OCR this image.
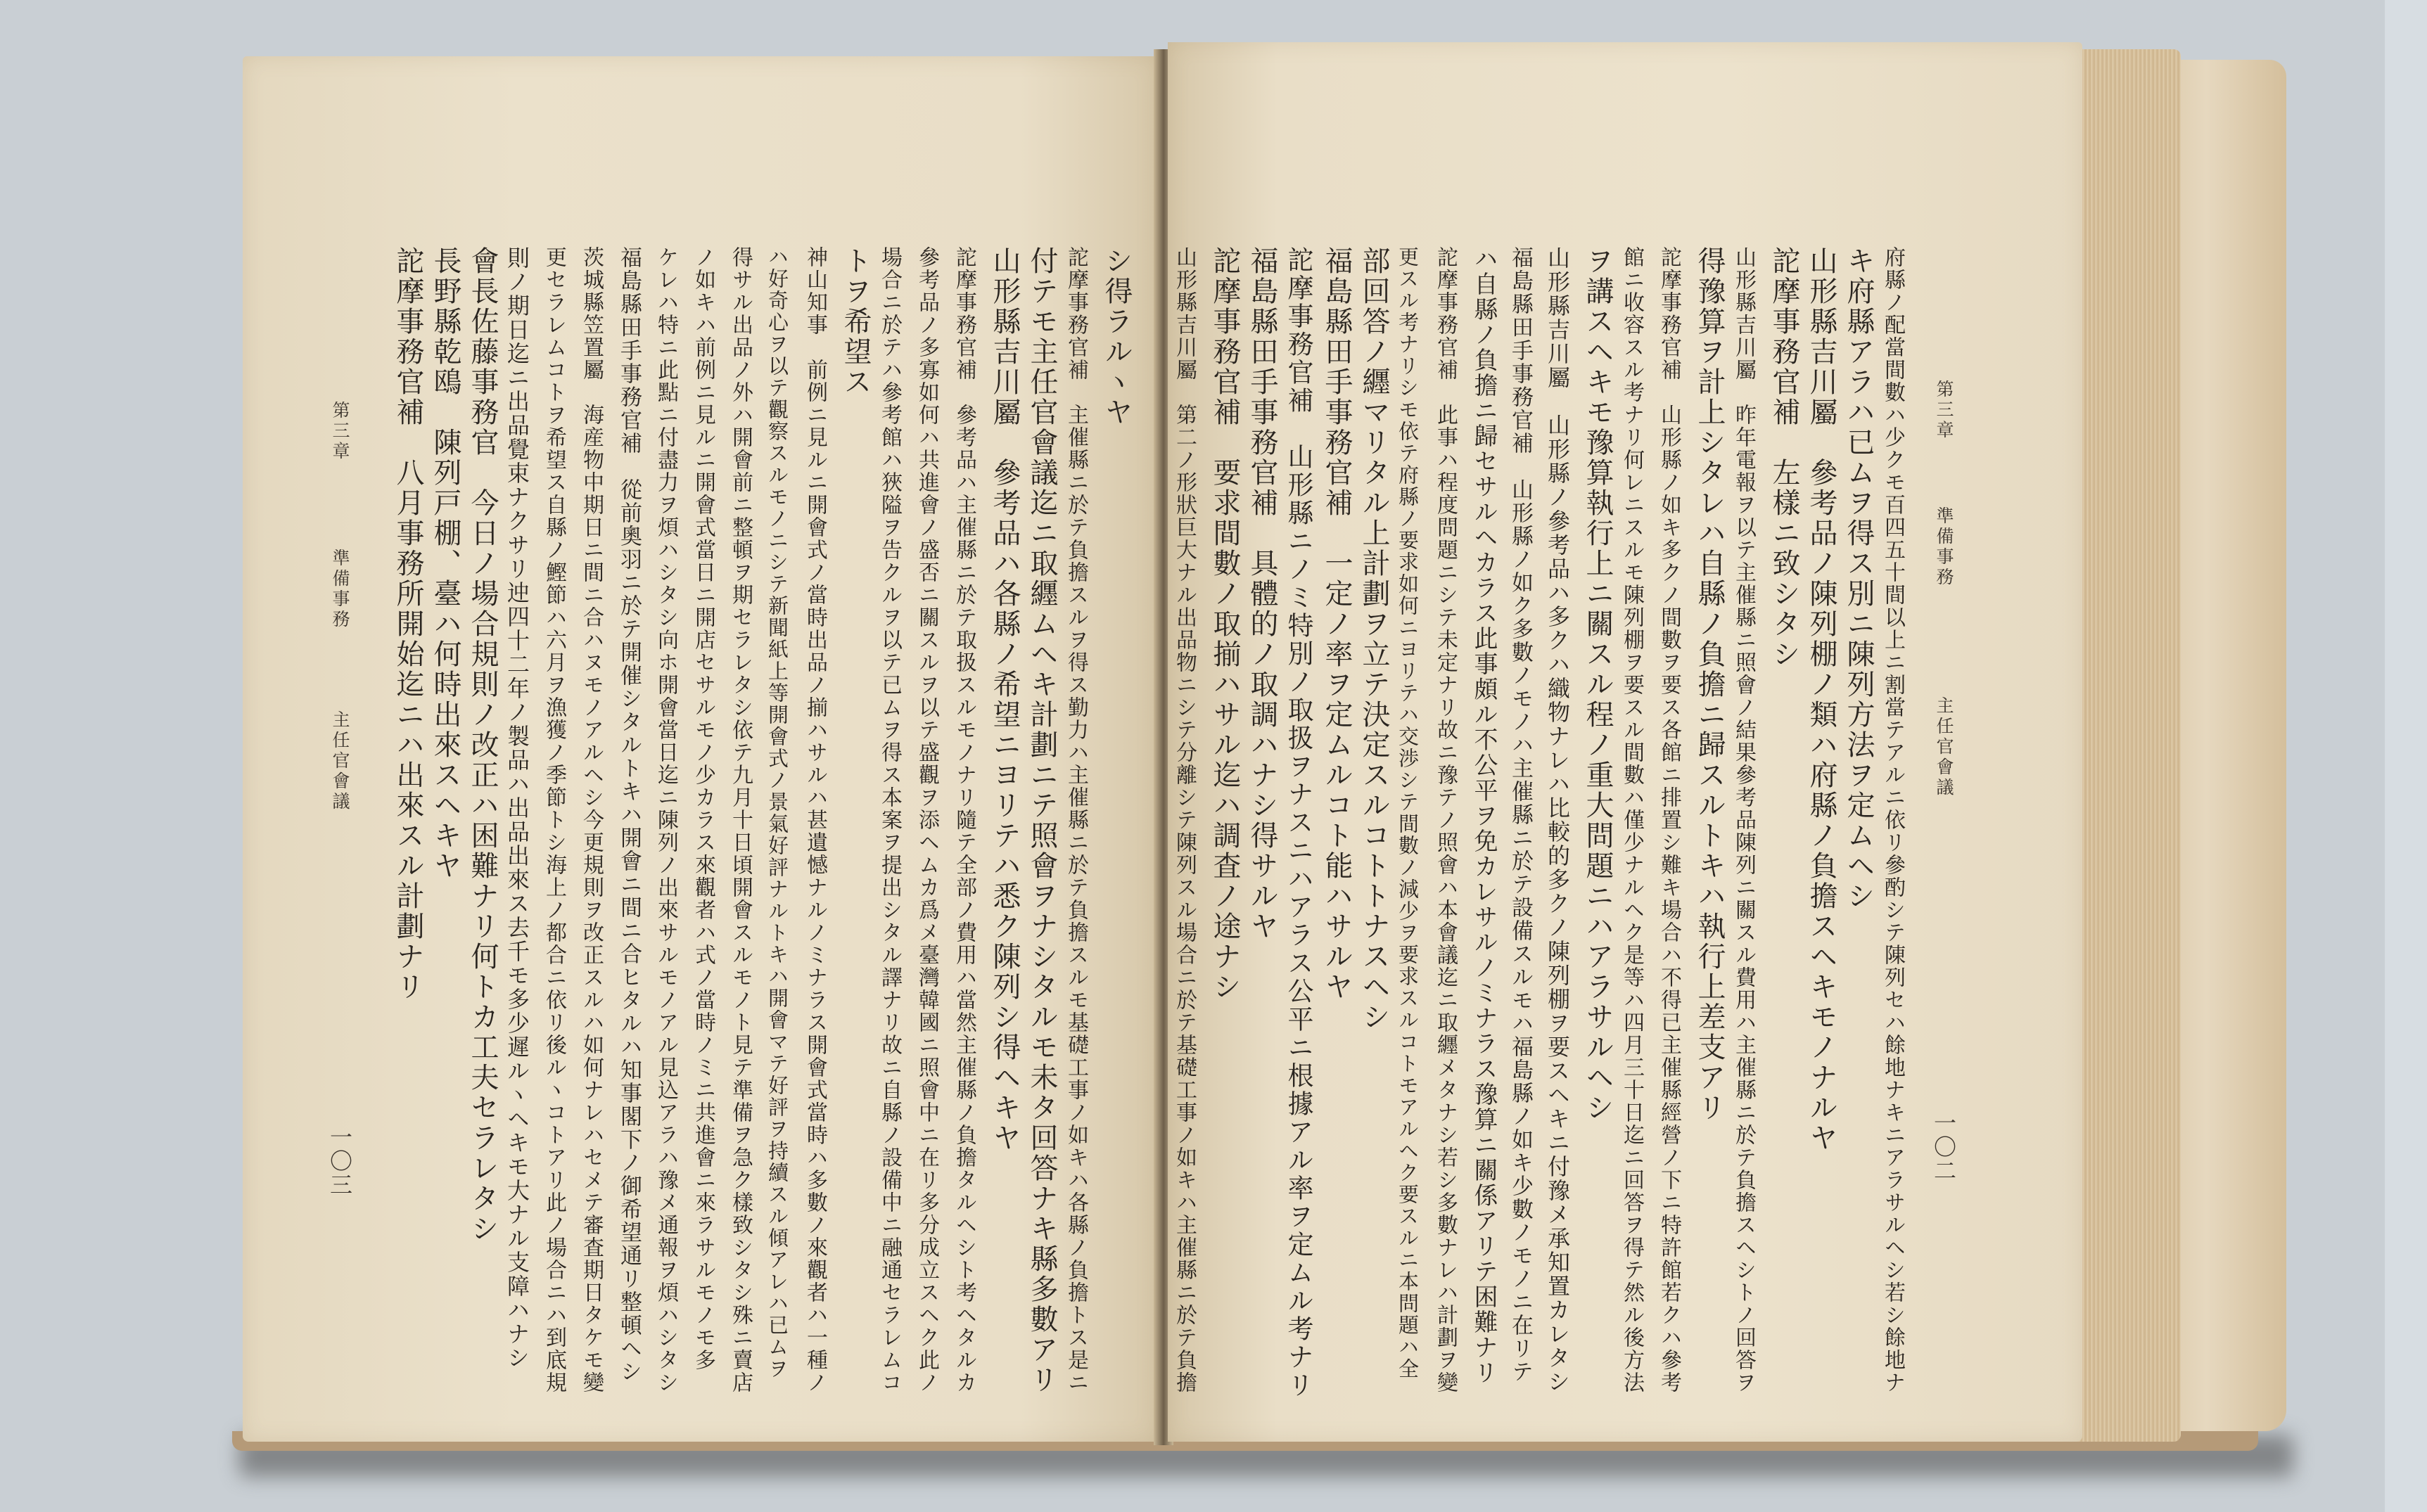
第三章
準備事務
主任官會議
一〇三

詑摩事務官補　八月事務所開始迄ニハ出來スル計劃ナリ 長野縣乾鴎　陳列戸棚、臺ハ何時出來スヘキヤ 會長佐藤事務官　今日ノ場合規則ノ改正ハ困難ナリ何トカ工夫セラレタシ 則ノ期日迄ニ出品覺束ナクサリ迚四十二年ノ製品ハ出品出來ス去千モ多少遲ルヽヘキモ大ナル支障ハナシ 更セラレムコトヲ希望ス自縣ノ鰹節ハ六月ヲ漁獲ノ季節トシ海上ノ都合ニ依リ後ルヽコトアリ此ノ場合ニハ到底規 茨城縣笠置屬　海産物中期日ニ間ニ合ハヌモノアルヘシ今更規則ヲ改正スルハ如何ナレハセメテ審査期日タケモ變 福島縣田手事務官補　從前奧羽ニ於テ開催シタルトキハ開會ニ間ニ合ヒタルハ知事閣下ノ御希望通リ整頓ヘシ ケレハ特ニ此點ニ付盡力ヲ煩ハシタシ向ホ開會當日迄ニ陳列ノ出來サルモノアル見込アラハ豫メ通報ヲ煩ハシタシ ノ如キハ前例ニ見ルニ開會式當日ニ開店セサルモノ少カラス來觀者ハ式ノ當時ノミニ共進會ニ來ラサルモノモ多 得サル出品ノ外ハ開會前ニ整頓ヲ期セラレタシ依テ九月十日頃開會スルモノト見テ準備ヲ急ク樣致シタシ殊ニ賣店 ハ好奇心ヲ以テ觀察スルモノニシテ新聞紙上等開會式ノ景氣好評ナルトキハ開會マテ好評ヲ持續スル傾アレハ已ムヲ 神山知事　前例ニ見ルニ開會式ノ當時出品ノ揃ハサルハ甚遺憾ナルノミナラス開會式當時ハ多數ノ來觀者ハ一種ノ トヲ希望ス 場合ニ於テハ參考館ハ狹隘ヲ告クルヲ以テ已ムヲ得ス本案ヲ提出シタル譯ナリ故ニ自縣ノ設備中ニ融通セラレムコ 參考品ノ多寡如何ハ共進會ノ盛否ニ關スルヲ以テ盛觀ヲ添ヘムカ爲メ臺灣韓國ニ照會中ニ在リ多分成立スヘク此ノ 詑摩事務官補　參考品ハ主催縣ニ於テ取扱スルモノナリ隨テ全部ノ費用ハ當然主催縣ノ負擔タルヘシト考ヘタルカ 山形縣吉川屬　參考品ハ各縣ノ希望ニヨリテハ悉ク陳列シ得ヘキヤ 付テモ主任官會議迄ニ取纒ムヘキ計劃ニテ照會ヲナシタルモ未タ回答ナキ縣多數アリ 詑摩事務官補　主催縣ニ於テ負擔スルヲ得ス勤力ハ主催縣ニ於テ負擔スルモ基礎工事ノ如キハ各縣ノ負擔トス是ニ シ得ラルヽヤ	第三章
準備事務
主任官會議
一〇二

府縣ノ配當間數ハ少クモ百四五十間以上ニ割當テアルニ依リ參酌シテ陳列セハ餘地ナキニアラサルヘシ若シ餘地ナ

キ府縣アラハ已ムヲ得ス別ニ陳列方法ヲ定ムヘシ

山形縣吉川屬　參考品ノ陳列棚ノ類ハ府縣ノ負擔スヘキモノナルヤ

詑摩事務官補　左樣ニ致シタシ

山形縣吉川屬　昨年電報ヲ以テ主催縣ニ照會ノ結果參考品陳列ニ關スル費用ハ主催縣ニ於テ負擔スヘシトノ回答ヲ

得豫算ヲ計上シタレハ自縣ノ負擔ニ歸スルトキハ執行上差支アリ

詑摩事務官補　山形縣ノ如キ多クノ間數ヲ要ス各館ニ排置シ難キ場合ハ不得已主催縣經營ノ下ニ特許館若クハ參考

館ニ收容スル考ナリ何レニスルモ陳列棚ヲ要スル間數ハ僅少ナルヘク是等ハ四月三十日迄ニ回答ヲ得テ然ル後方法

ヲ講スヘキモ豫算執行上ニ關スル程ノ重大問題ニハアラサルヘシ

山形縣吉川屬　山形縣ノ參考品ハ多クハ織物ナレハ比較的多クノ陳列棚ヲ要スヘキニ付豫メ承知置カレタシ

福島縣田手事務官補　山形縣ノ如ク多數ノモノハ主催縣ニ於テ設備スルモハ福島縣ノ如キ少數ノモノニ在リテ

ハ自縣ノ負擔ニ歸セサルヘカラス此事頗ル不公平ヲ免カレサルノミナラス豫算ニ關係アリテ困難ナリ

詑摩事務官補　此事ハ程度問題ニシテ未定ナリ故ニ豫テノ照會ハ本會議迄ニ取纒メタナシ若シ多數ナレハ計劃ヲ變

更スル考ナリシモ依テ府縣ノ要求如何ニヨリテハ交渉シテ間數ノ減少ヲ要求スルコトモアルヘク要スルニ本問題ハ全

部回答ノ纒マリタル上計劃ヲ立テ決定スルコトトナスヘシ

福島縣田手事務官補　一定ノ率ヲ定ムルコト能ハサルヤ

詑摩事務官補　山形縣ニノミ特別ノ取扱ヲナスニハアラス公平ニ根據アル率ヲ定ムル考ナリ

福島縣田手事務官補　具體的ノ取調ハナシ得サルヤ

詑摩事務官補　要求間數ノ取揃ハサル迄ハ調査ノ途ナシ

山形縣吉川屬　第二ノ形狀巨大ナル出品物ニシテ分離シテ陳列スル場合ニ於テ基礎工事ノ如キハ主催縣ニ於テ負擔
